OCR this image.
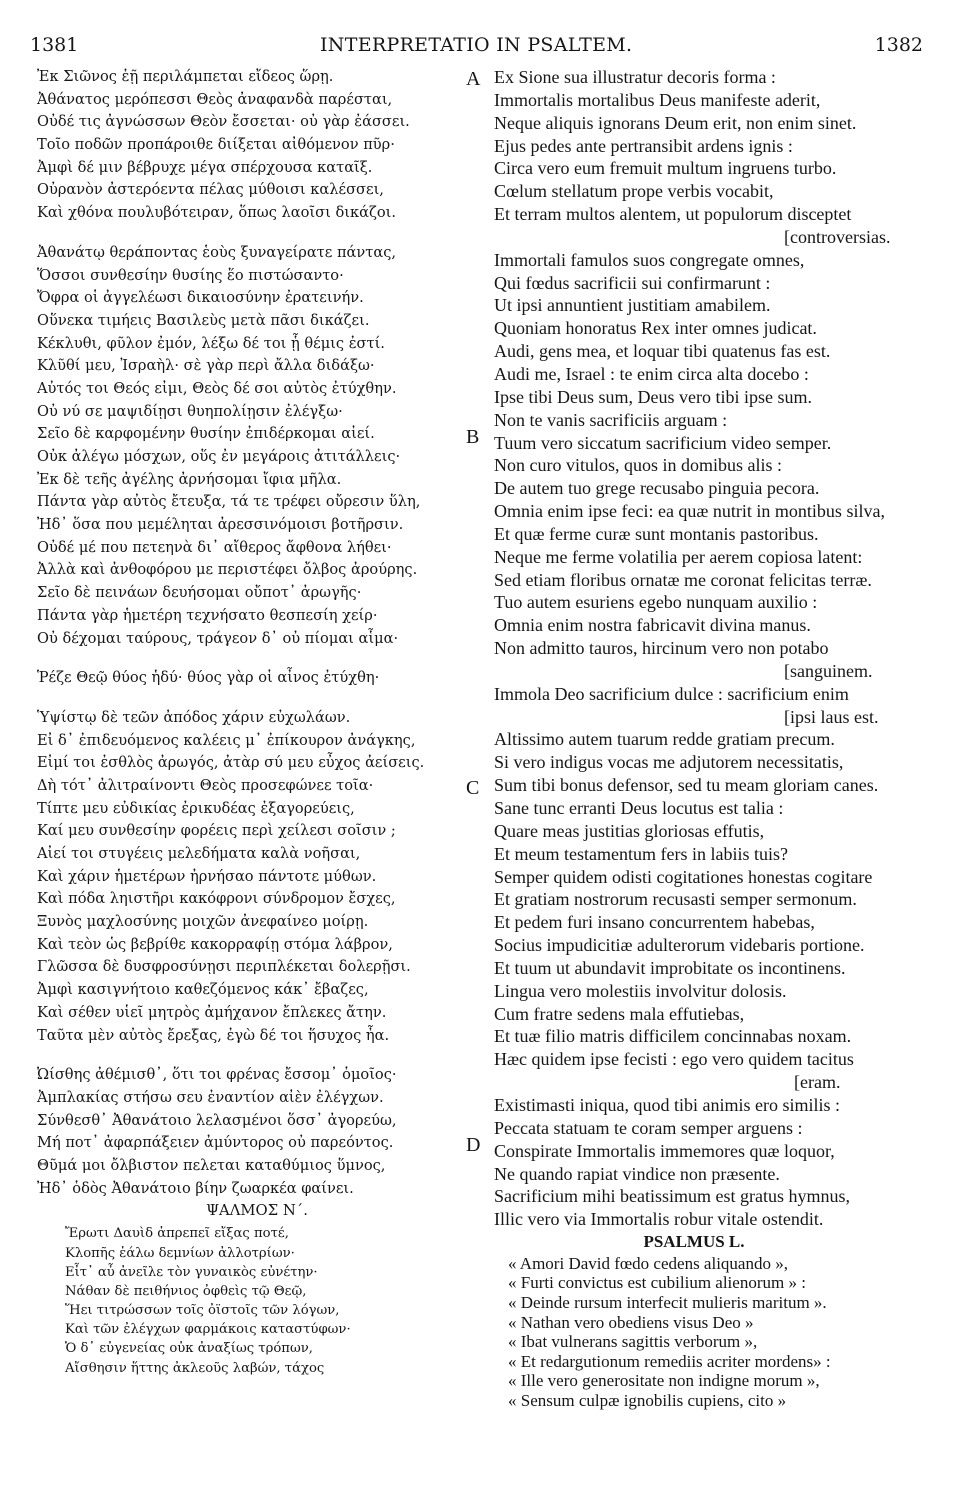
1381	INTERPRETATIO IN PSALTEM.	1382
Ἐκ Σιῶνος ἑῇ περιλάμπεται εἴδεος ὥρῃ.
Ἀθάνατος μερόπεσσι Θεὸς ἀναφανδὰ παρέσται,
Οὐδέ τις ἀγνώσσων Θεὸν ἔσσεται· οὐ γὰρ ἐάσσει.
Τοῖο ποδῶν προπάροιθε διίξεται αἰθόμενον πῦρ·
Ἀμφὶ δέ μιν βέβρυχε μέγα σπέρχουσα καταῖξ.
Οὐρανὸν ἀστερόεντα πέλας μύθοισι καλέσσει,
Καὶ χθόνα πουλυβότειραν, ὅπως λαοῖσι δικάζοι.
Ἀθανάτῳ θεράποντας ἑοὺς ξυναγείρατε πάντας,
Ὅσσοι συνθεσίην θυσίης ἕο πιστώσαντο·
Ὄφρα οἱ ἀγγελέωσι δικαιοσύνην ἐρατεινήν.
Οὕνεκα τιμήεις Βασιλεὺς μετὰ πᾶσι δικάζει.
Κέκλυθι, φῦλον ἐμόν, λέξω δέ τοι ᾗ θέμις ἐστί.
Κλῦθί μευ, Ἰσραὴλ· σὲ γὰρ περὶ ἄλλα διδάξω·
Αὐτός τοι Θεός εἰμι, Θεὸς δέ σοι αὐτὸς ἐτύχθην.
Οὐ νύ σε μαψιδίῃσι θυηπολίῃσιν ἐλέγξω·
Σεῖο δὲ καρφομένην θυσίην ἐπιδέρκομαι αἰεί.
Οὐκ ἀλέγω μόσχων, οὕς ἐν μεγάροις ἀτιτάλλεις·
Ἐκ δὲ τεῆς ἀγέλης ἀρνήσομαι ἴφια μῆλα.
Πάντα γὰρ αὐτὸς ἔτευξα, τά τε τρέφει οὔρεσιν ὕλη,
Ἠδ᾽ ὅσα που μεμέληται ἀρεσσινόμοισι βοτῆρσιν.
Οὐδέ μέ που πετεηνὰ δι᾽ αἴθερος ἄφθονα λήθει·
Ἀλλὰ καὶ ἀνθοφόρου με περιστέφει ὄλβος ἀρούρης.
Σεῖο δὲ πεινάων δευήσομαι οὔποτ᾽ ἀρωγῆς·
Πάντα γὰρ ἡμετέρη τεχνήσατο θεσπεσίη χείρ·
Οὐ δέχομαι ταύρους, τράγεον δ᾽ οὐ πίομαι αἷμα·
Ῥέζε Θεῷ θύος ἡδύ· θύος γὰρ οἱ αἶνος ἐτύχθη·
Ὑψίστῳ δὲ τεῶν ἀπόδος χάριν εὐχωλάων.
Εἰ δ᾽ ἐπιδευόμενος καλέεις μ᾽ ἐπίκουρον ἀνάγκης,
Εἰμί τοι ἐσθλὸς ἀρωγός, ἀτὰρ σύ μευ εὖχος ἀείσεις.
Δὴ τότ᾽ ἀλιτραίνοντι Θεὸς προσεφώνεε τοῖα·
Τίπτε μευ εὐδικίας ἐρικυδέας ἐξαγορεύεις,
Καί μευ συνθεσίην φορέεις περὶ χείλεσι σοῖσιν ;
Αἰεί τοι στυγέεις μελεδήματα καλὰ νοῆσαι,
Καὶ χάριν ἡμετέρων ἠρνήσαο πάντοτε μύθων.
Καὶ πόδα ληιστῆρι κακόφρονι σύνδρομον ἔσχες,
Ξυνὸς μαχλοσύνης μοιχῶν ἀνεφαίνεο μοίρῃ.
Καὶ τεὸν ὡς βεβρίθε κακορραφίῃ στόμα λάβρον,
Γλῶσσα δὲ δυσφροσύνῃσι περιπλέκεται δολερῇσι.
Ἀμφὶ κασιγνήτοιο καθεζόμενος κάκ᾽ ἔβαζες,
Καὶ σέθεν υἱεῖ μητρὸς ἀμήχανον ἔπλεκες ἄτην.
Ταῦτα μὲν αὐτὸς ἔρεξας, ἐγὼ δέ τοι ἥσυχος ἦα.
Ὠίσθης ἀθέμισθ᾽, ὅτι τοι φρένας ἔσσομ᾽ ὁμοῖος·
Ἀμπλακίας στήσω σευ ἐναντίον αἰὲν ἐλέγχων.
Σύνθεσθ᾽ Ἀθανάτοιο λελασμένοι ὅσσ᾽ ἀγορεύω,
Μή ποτ᾽ ἀφαρπάξειεν ἀμύντορος οὐ παρεόντος.
Θῦμά μοι ὄλβιστον πελεται καταθύμιος ὕμνος,
Ἠδ᾽ ὁδὸς Ἀθανάτοιο βίην ζωαρκέα φαίνει.
ΨΑΛΜΟΣ Ν΄.
Ἔρωτι Δαυὶδ ἀπρεπεῖ εἴξας ποτέ,
Κλοπῆς ἑάλω δεμνίων ἀλλοτρίων·
Εἶτ᾽ αὖ ἀνεῖλε τὸν γυναικὸς εὐνέτην·
Νάθαν δὲ πειθήνιος ὀφθεὶς τῷ Θεῷ,
Ἥει τιτρώσσων τοῖς ὀϊστοῖς τῶν λόγων,
Καὶ τῶν ἐλέγχων φαρμάκοις καταστύφων·
Ὁ δ᾽ εὐγενείας οὐκ ἀναξίως τρόπων,
Αἴσθησιν ἥττης ἀκλεοῦς λαβών, τάχος
Ex Sione sua illustratur decoris forma :
Immortalis mortalibus Deus manifeste aderit,
Neque aliquis ignorans Deum erit, non enim sinet.
Ejus pedes ante pertransibit ardens ignis :
Circa vero eum fremuit multum ingruens turbo.
Cœlum stellatum prope verbis vocabit,
Et terram multos alentem, ut populorum disceptet
[controversias.
Immortali famulos suos congregate omnes,
Qui fœdus sacrificii sui confirmarunt :
Ut ipsi annuntient justitiam amabilem.
Quoniam honoratus Rex inter omnes judicat.
Audi, gens mea, et loquar tibi quatenus fas est.
Audi me, Israel : te enim circa alta docebo :
Ipse tibi Deus sum, Deus vero tibi ipse sum.
Non te vanis sacrificiis arguam :
Tuum vero siccatum sacrificium video semper.
Non curo vitulos, quos in domibus alis :
De autem tuo grege recusabo pinguia pecora.
Omnia enim ipse feci: ea quæ nutrit in montibus silva,
Et quæ ferme curæ sunt montanis pastoribus.
Neque me ferme volatilia per aerem copiosa latent:
Sed etiam floribus ornatæ me coronat felicitas terræ.
Tuo autem esuriens egebo nunquam auxilio :
Omnia enim nostra fabricavit divina manus.
Non admitto tauros, hircinum vero non potabo
[sanguinem.
Immola Deo sacrificium dulce : sacrificium enim
[ipsi laus est.
Altissimo autem tuarum redde gratiam precum.
Si vero indigus vocas me adjutorem necessitatis,
Sum tibi bonus defensor, sed tu meam gloriam canes.
Sane tunc erranti Deus locutus est talia :
Quare meas justitias gloriosas effutis,
Et meum testamentum fers in labiis tuis?
Semper quidem odisti cogitationes honestas cogitare
Et gratiam nostrorum recusasti semper sermonum.
Et pedem furi insano concurrentem habebas,
Socius impudicitiæ adulterorum videbaris portione.
Et tuum ut abundavit improbitate os incontinens.
Lingua vero molestiis involvitur dolosis.
Cum fratre sedens mala effutiebas,
Et tuæ filio matris difficilem concinnabas noxam.
Hæc quidem ipse fecisti : ego vero quidem tacitus
[eram.
Existimasti iniqua, quod tibi animis ero similis :
Peccata statuam te coram semper arguens :
Conspirate Immortalis immemores quæ loquor,
Ne quando rapiat vindice non præsente.
Sacrificium mihi beatissimum est gratus hymnus,
Illic vero via Immortalis robur vitale ostendit.
PSALMUS L.
« Amori David fœdo cedens aliquando »,
« Furti convictus est cubilium alienorum » :
« Deinde rursum interfecit mulieris maritum ».
« Nathan vero obediens visus Deo »
« Ibat vulnerans sagittis verborum »,
« Et redargutionum remediis acriter mordens» :
« Ille vero generositate non indigne morum »,
« Sensum culpæ ignobilis cupiens, cito »
A
B
C
D
